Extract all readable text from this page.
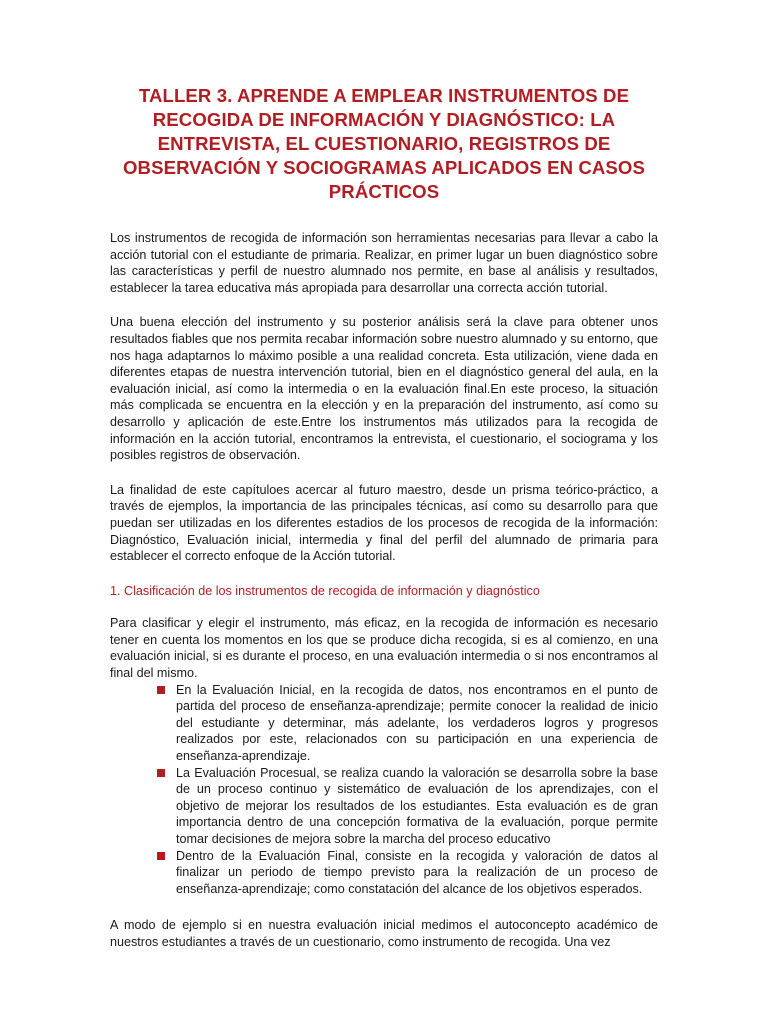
TALLER 3. APRENDE A EMPLEAR INSTRUMENTOS DE RECOGIDA DE INFORMACIÓN Y DIAGNÓSTICO: LA ENTREVISTA, EL CUESTIONARIO, REGISTROS DE OBSERVACIÓN Y SOCIOGRAMAS APLICADOS EN CASOS PRÁCTICOS

Los instrumentos de recogida de información son herramientas necesarias para llevar a cabo la acción tutorial con el estudiante de primaria. Realizar, en primer lugar un buen diagnóstico sobre las características y perfil de nuestro alumnado nos permite, en base al análisis y resultados, establecer la tarea educativa más apropiada para desarrollar una correcta acción tutorial.

Una buena elección del instrumento y su posterior análisis será la clave para obtener unos resultados fiables que nos permita recabar información sobre nuestro alumnado y su entorno, que nos haga adaptarnos lo máximo posible a una realidad concreta. Esta utilización, viene dada en diferentes etapas de nuestra intervención tutorial, bien en el diagnóstico general del aula, en la evaluación inicial, así como la intermedia o en la evaluación final.En este proceso, la situación más complicada se encuentra en la elección y en la preparación del instrumento, así como su desarrollo y aplicación de este.Entre los instrumentos más utilizados para la recogida de información en la acción tutorial, encontramos la entrevista, el cuestionario, el sociograma y los posibles registros de observación.

La finalidad de este capítuloes acercar al futuro maestro, desde un prisma teórico-práctico, a través de ejemplos, la importancia de las principales técnicas, así como su desarrollo para que puedan ser utilizadas en los diferentes estadios de los procesos de recogida de la información: Diagnóstico, Evaluación inicial, intermedia y final del perfil del alumnado de primaria para establecer el correcto enfoque de la Acción tutorial.

1. Clasificación de los instrumentos de recogida de información y diagnóstico

Para clasificar y elegir el instrumento, más eficaz, en la recogida de información es necesario tener en cuenta los momentos en los que se produce dicha recogida, si es al comienzo, en una evaluación inicial, si es durante el proceso, en una evaluación intermedia o si nos encontramos al final del mismo.

En la Evaluación Inicial, en la recogida de datos, nos encontramos en el punto de partida del proceso de enseñanza-aprendizaje; permite conocer la realidad de inicio del estudiante y determinar, más adelante, los verdaderos logros y progresos realizados por este, relacionados con su participación en una experiencia de enseñanza-aprendizaje.
La Evaluación Procesual, se realiza cuando la valoración se desarrolla sobre la base de un proceso continuo y sistemático de evaluación de los aprendizajes, con el objetivo de mejorar los resultados de los estudiantes. Esta evaluación es de gran importancia dentro de una concepción formativa de la evaluación, porque permite tomar decisiones de mejora sobre la marcha del proceso educativo
Dentro de la Evaluación Final, consiste en la recogida y valoración de datos al finalizar un periodo de tiempo previsto para la realización de un proceso de enseñanza-aprendizaje; como constatación del alcance de los objetivos esperados.

A modo de ejemplo si en nuestra evaluación inicial medimos el autoconcepto académico de nuestros estudiantes a través de un cuestionario, como instrumento de recogida. Una vez
